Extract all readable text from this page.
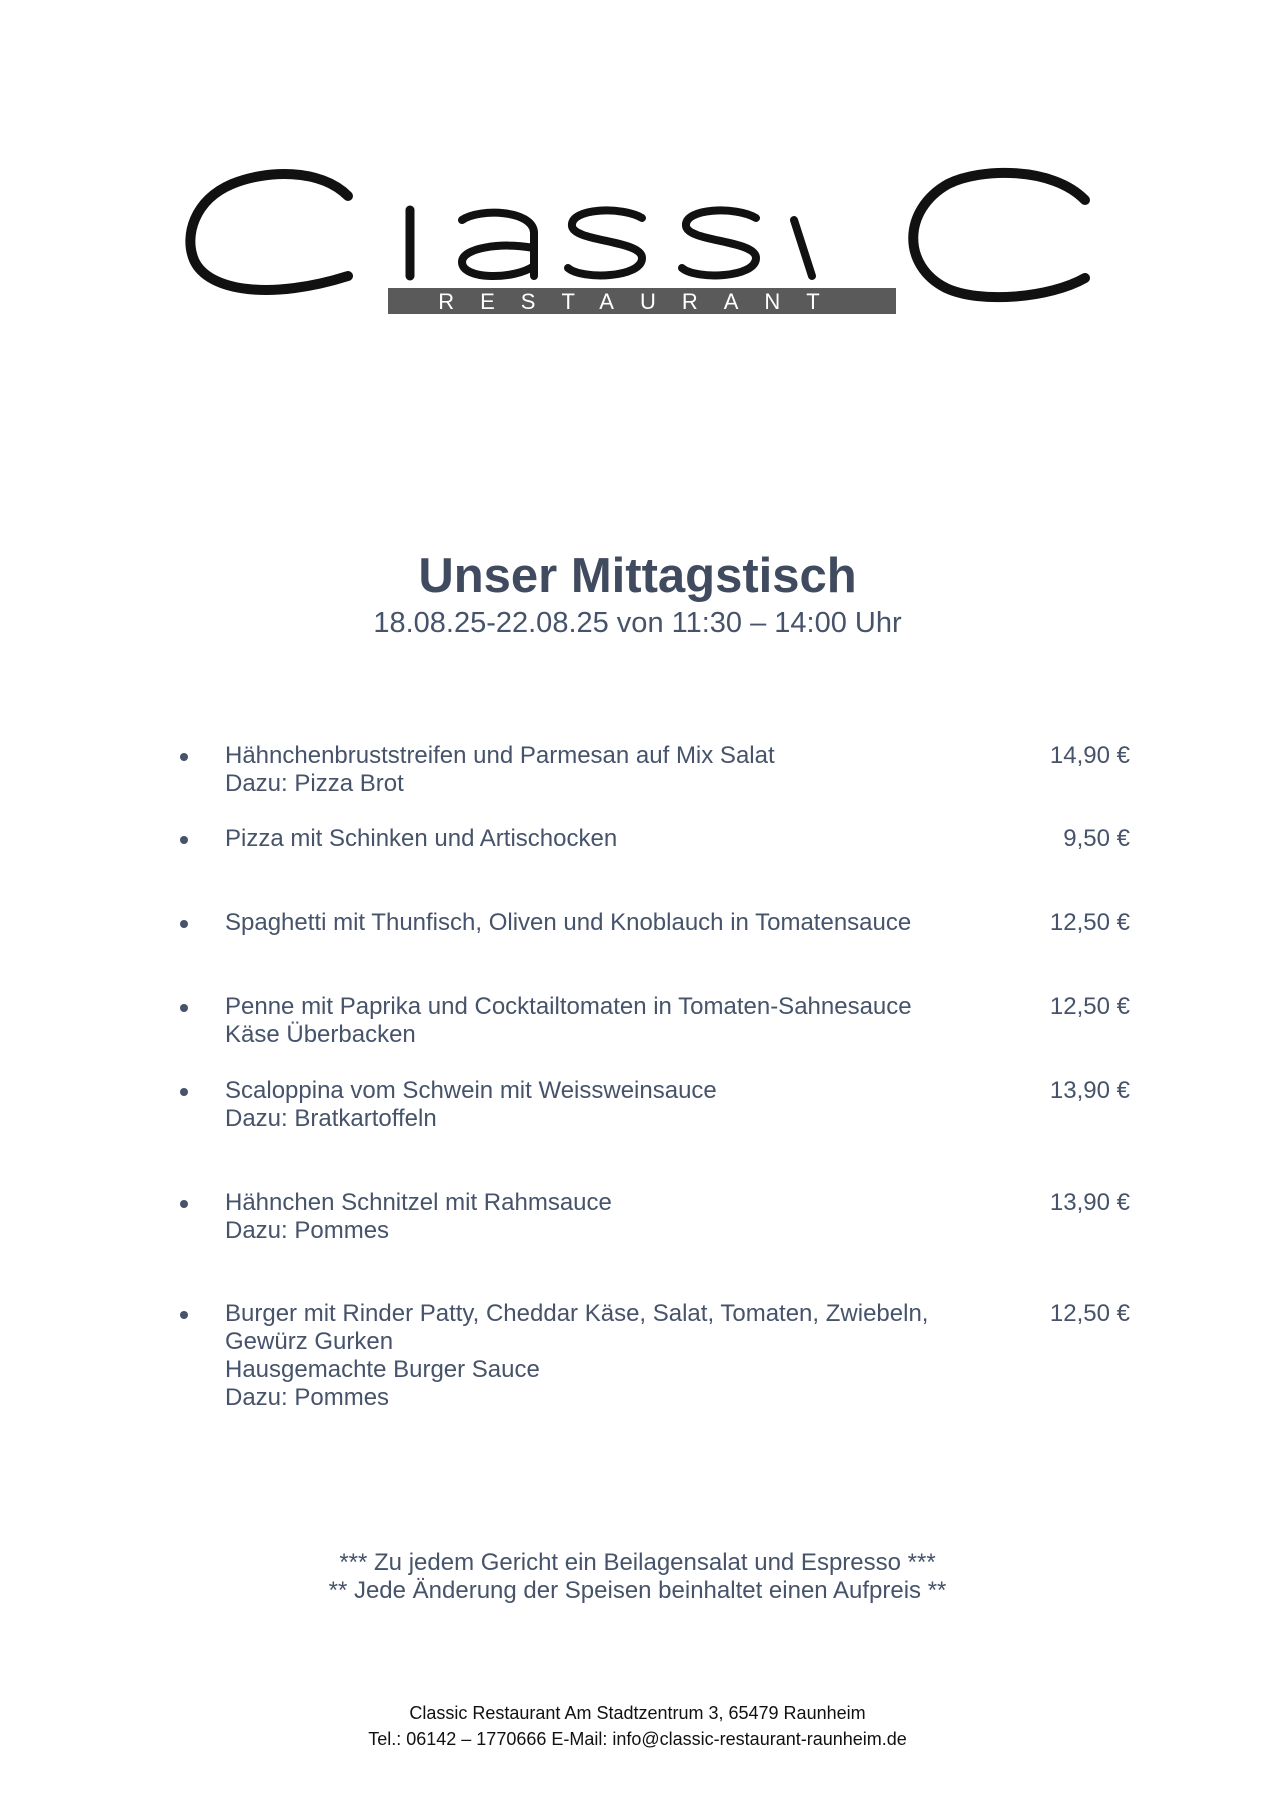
RESTAURANT
Unser Mittagstisch
18.08.25-22.08.25 von 11:30 – 14:00 Uhr
Hähnchenbruststreifen und Parmesan auf Mix Salat
Dazu: Pizza Brot
14,90 €
Pizza mit Schinken und Artischocken	9,50 €
Spaghetti mit Thunfisch, Oliven und Knoblauch in Tomatensauce	12,50 €
Penne mit Paprika und Cocktailtomaten in Tomaten-Sahnesauce
Käse Überbacken
12,50 €
Scaloppina vom Schwein mit Weissweinsauce
Dazu: Bratkartoffeln
13,90 €
Hähnchen Schnitzel mit Rahmsauce
Dazu: Pommes
13,90 €
Burger mit Rinder Patty, Cheddar Käse, Salat, Tomaten, Zwiebeln,
Gewürz Gurken
Hausgemachte Burger Sauce
Dazu: Pommes
12,50 €
*** Zu jedem Gericht ein Beilagensalat und Espresso ***
** Jede Änderung der Speisen beinhaltet einen Aufpreis **
Classic Restaurant Am Stadtzentrum 3, 65479 Raunheim
Tel.: 06142 – 1770666 E-Mail: info@classic-restaurant-raunheim.de
